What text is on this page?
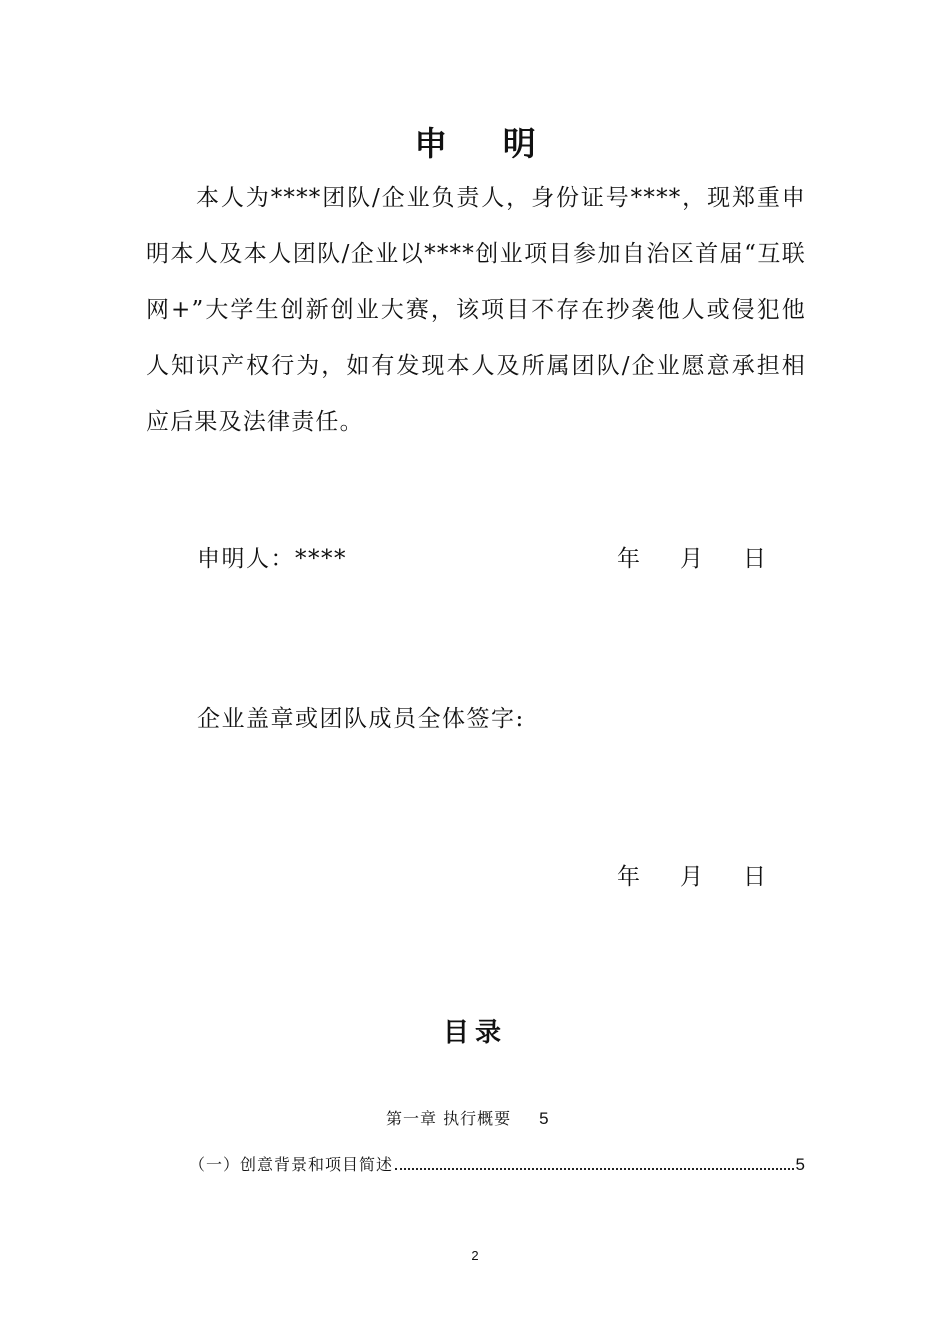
申 明

本人为****团队/企业负责人，身份证号****，现郑重申明本人及本人团队/企业以****创业项目参加自治区首届“互联网+”大学生创新创业大赛，该项目不存在抄袭他人或侵犯他人知识产权行为，如有发现本人及所属团队/企业愿意承担相应后果及法律责任。

申明人：****	年	月	日
企业盖章或团队成员全体签字:
年	月	日
目录
第一章 执行概要 5
（一）创意背景和项目简述	5
2
